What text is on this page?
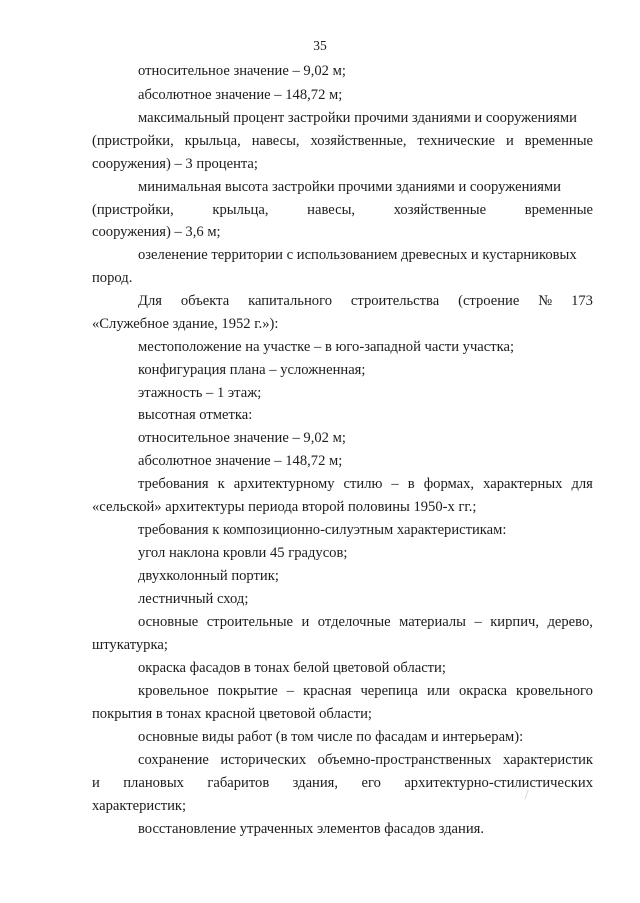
35
относительное значение – 9,02 м;
абсолютное значение – 148,72 м;
максимальный процент застройки прочими зданиями и сооружениями
(пристройки, крыльца, навесы, хозяйственные, технические и временные
сооружения) – 3 процента;
минимальная высота застройки прочими зданиями и сооружениями
(пристройки,	крыльца,	навесы,	хозяйственные	временные
сооружения) – 3,6 м;
озеленение территории с использованием древесных и кустарниковых
пород.
Для объекта капитального строительства (строение № 173
«Служебное здание, 1952 г.»):
местоположение на участке – в юго-западной части участка;
конфигурация плана – усложненная;
этажность – 1 этаж;
высотная отметка:
относительное значение – 9,02 м;
абсолютное значение – 148,72 м;
требования к архитектурному стилю – в формах, характерных для
«сельской» архитектуры периода второй половины 1950-х гг.;
требования к композиционно-силуэтным характеристикам:
угол наклона кровли 45 градусов;
двухколонный портик;
лестничный сход;
основные строительные и отделочные материалы – кирпич, дерево,
штукатурка;
окраска фасадов в тонах белой цветовой области;
кровельное покрытие – красная черепица или окраска кровельного
покрытия в тонах красной цветовой области;
основные виды работ (в том числе по фасадам и интерьерам):
сохранение исторических объемно-пространственных характеристик
и плановых габаритов здания, его архитектурно-стилистических
характеристик;
восстановление утраченных элементов фасадов здания.
